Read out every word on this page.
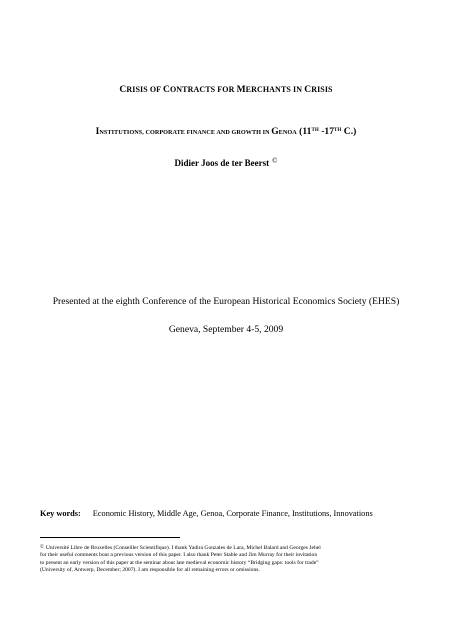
CRISIS OF CONTRACTS FOR MERCHANTS IN CRISIS
INSTITUTIONS, CORPORATE FINANCE AND GROWTH IN GENOA (11TH -17TH C.)
Didier Joos de ter Beerst ©
Presented at the eighth Conference of the European Historical Economics Society (EHES)
Geneva, September 4-5, 2009
Key words: Economic History, Middle Age, Genoa, Corporate Finance, Institutions, Innovations
© Université Libre de Bruxelles (Conseiller Scientifique). I thank Yadira Gonzales de Lara, Michel Balard and Georges Jehel
for their useful comments bout a previous version of this paper. I also thank Peter Stable and Jim Murray for their invitation
to present an early version of this paper at the seminar about late medieval economic history “Bridging gaps: tools for trade”
(University of, Antwerp, December; 2007). I am responsible for all remaining errors or omissions.
